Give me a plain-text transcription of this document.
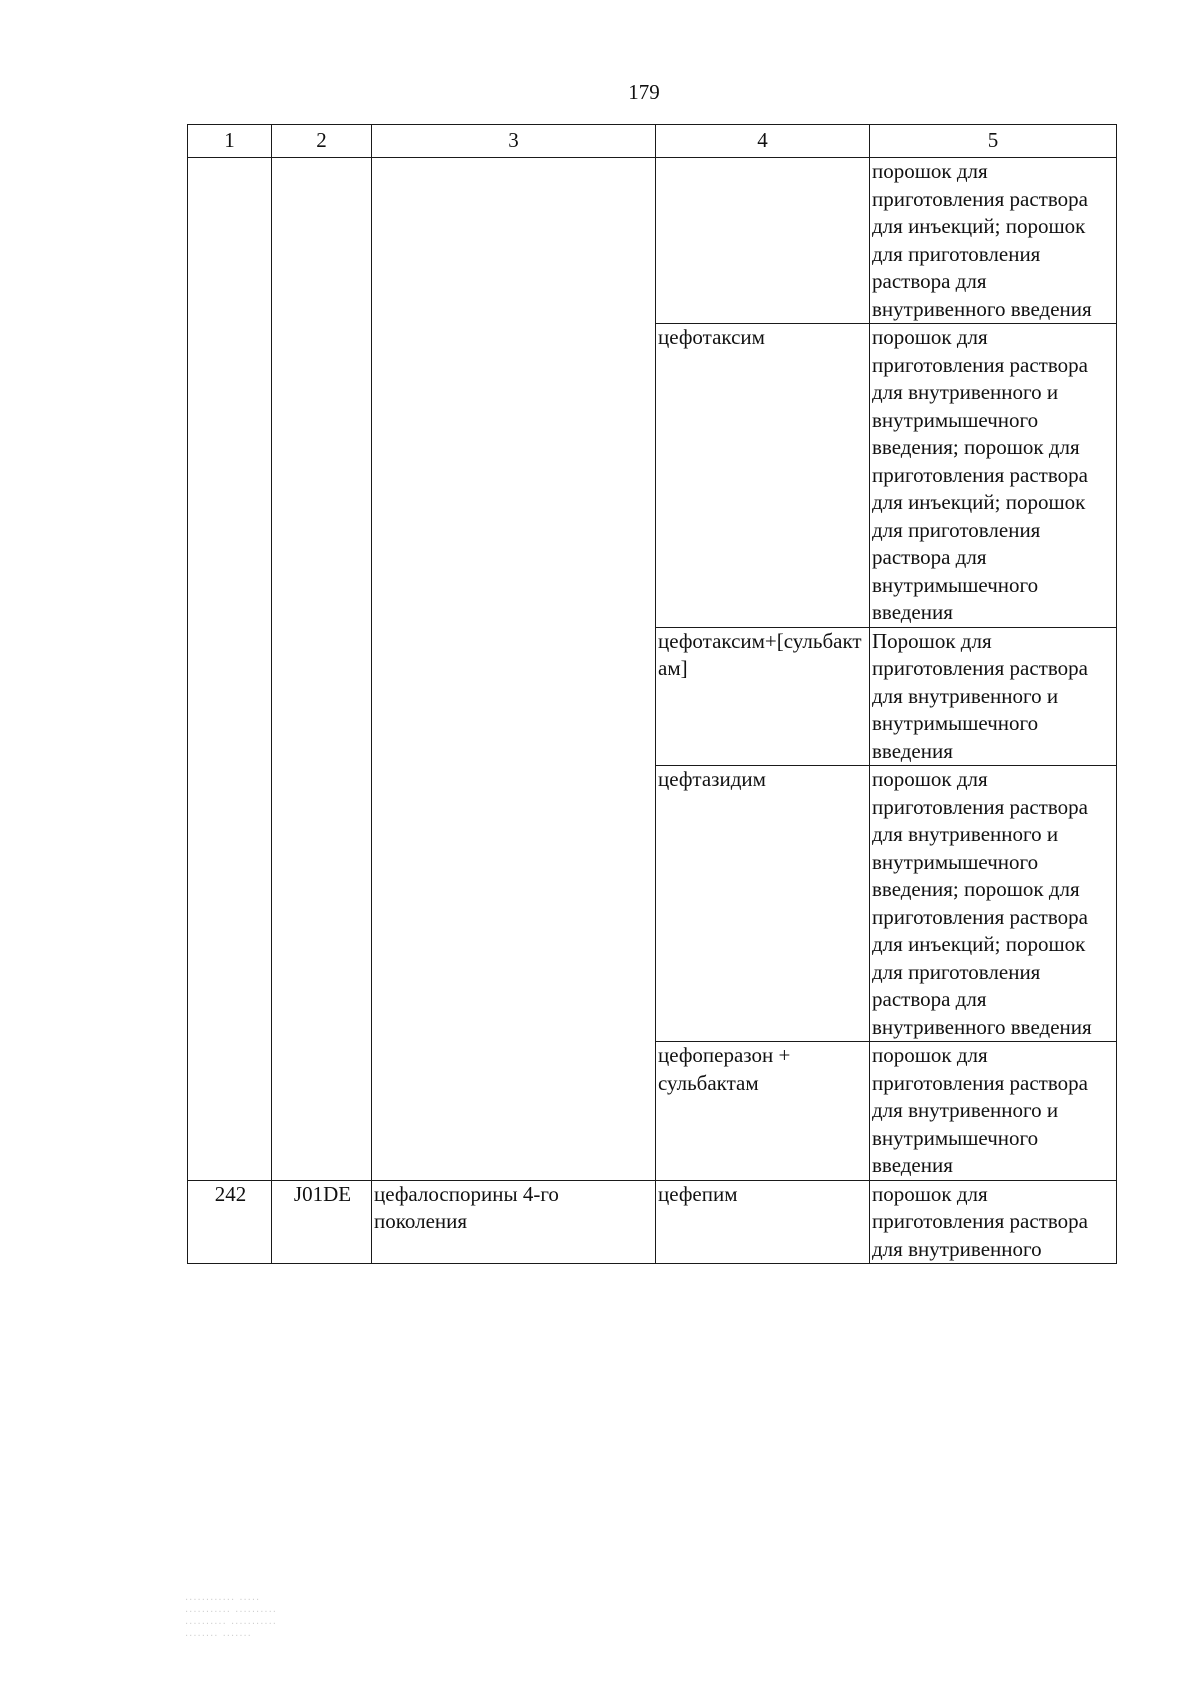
179
1	2	3	4	5
				порошок для приготовления раствора для инъекций; порошок для приготовления раствора для внутривенного введения
			цефотаксим	порошок для приготовления раствора для внутривенного и внутримышечного введения; порошок для приготовления раствора для инъекций; порошок для приготовления раствора для внутримышечного введения
			цефотаксим+[сульбактам]	Порошок для приготовления раствора для внутривенного и внутримышечного введения
			цефтазидим	порошок для приготовления раствора для внутривенного и внутримышечного введения; порошок для приготовления раствора для инъекций; порошок для приготовления раствора для внутривенного введения
			цефоперазон + сульбактам	порошок для приготовления раствора для внутривенного и внутримышечного введения
242	J01DE	цефалоспорины 4-го поколения	цефепим	порошок для приготовления раствора для внутривенного
············ ·····
··········· ··········
·········· ···········
········ ·······
